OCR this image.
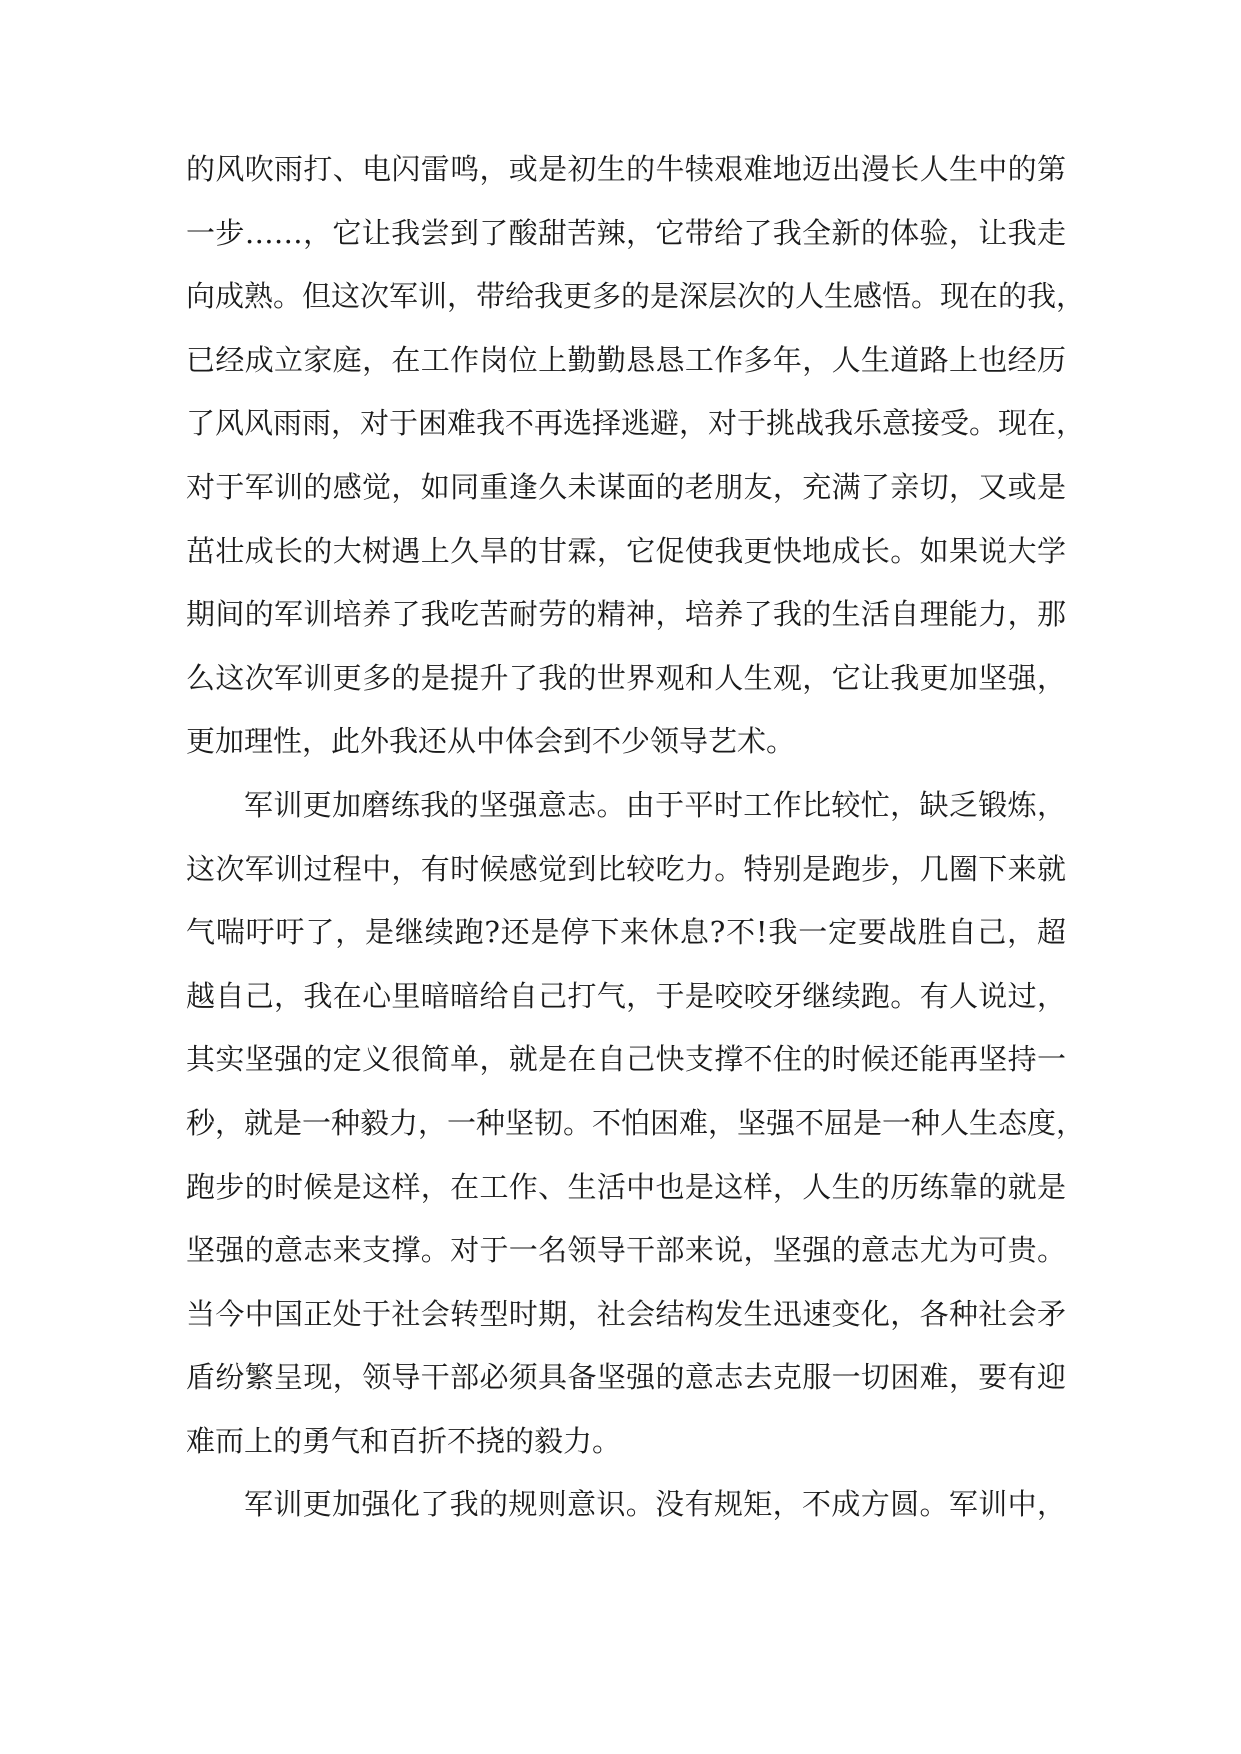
的风吹雨打、电闪雷鸣，或是初生的牛犊艰难地迈出漫长人生中的第
一步……，它让我尝到了酸甜苦辣，它带给了我全新的体验，让我走
向成熟。但这次军训，带给我更多的是深层次的人生感悟。现在的我，
已经成立家庭，在工作岗位上勤勤恳恳工作多年，人生道路上也经历
了风风雨雨，对于困难我不再选择逃避，对于挑战我乐意接受。现在，
对于军训的感觉，如同重逢久未谋面的老朋友，充满了亲切，又或是
茁壮成长的大树遇上久旱的甘霖，它促使我更快地成长。如果说大学
期间的军训培养了我吃苦耐劳的精神，培养了我的生活自理能力，那
么这次军训更多的是提升了我的世界观和人生观，它让我更加坚强，
更加理性，此外我还从中体会到不少领导艺术。
军训更加磨练我的坚强意志。由于平时工作比较忙，缺乏锻炼，
这次军训过程中，有时候感觉到比较吃力。特别是跑步，几圈下来就
气喘吁吁了，是继续跑?还是停下来休息?不!我一定要战胜自己，超
越自己，我在心里暗暗给自己打气，于是咬咬牙继续跑。有人说过，
其实坚强的定义很简单，就是在自己快支撑不住的时候还能再坚持一
秒，就是一种毅力，一种坚韧。不怕困难，坚强不屈是一种人生态度，
跑步的时候是这样，在工作、生活中也是这样，人生的历练靠的就是
坚强的意志来支撑。对于一名领导干部来说，坚强的意志尤为可贵。
当今中国正处于社会转型时期，社会结构发生迅速变化，各种社会矛
盾纷繁呈现，领导干部必须具备坚强的意志去克服一切困难，要有迎
难而上的勇气和百折不挠的毅力。
军训更加强化了我的规则意识。没有规矩，不成方圆。军训中，
